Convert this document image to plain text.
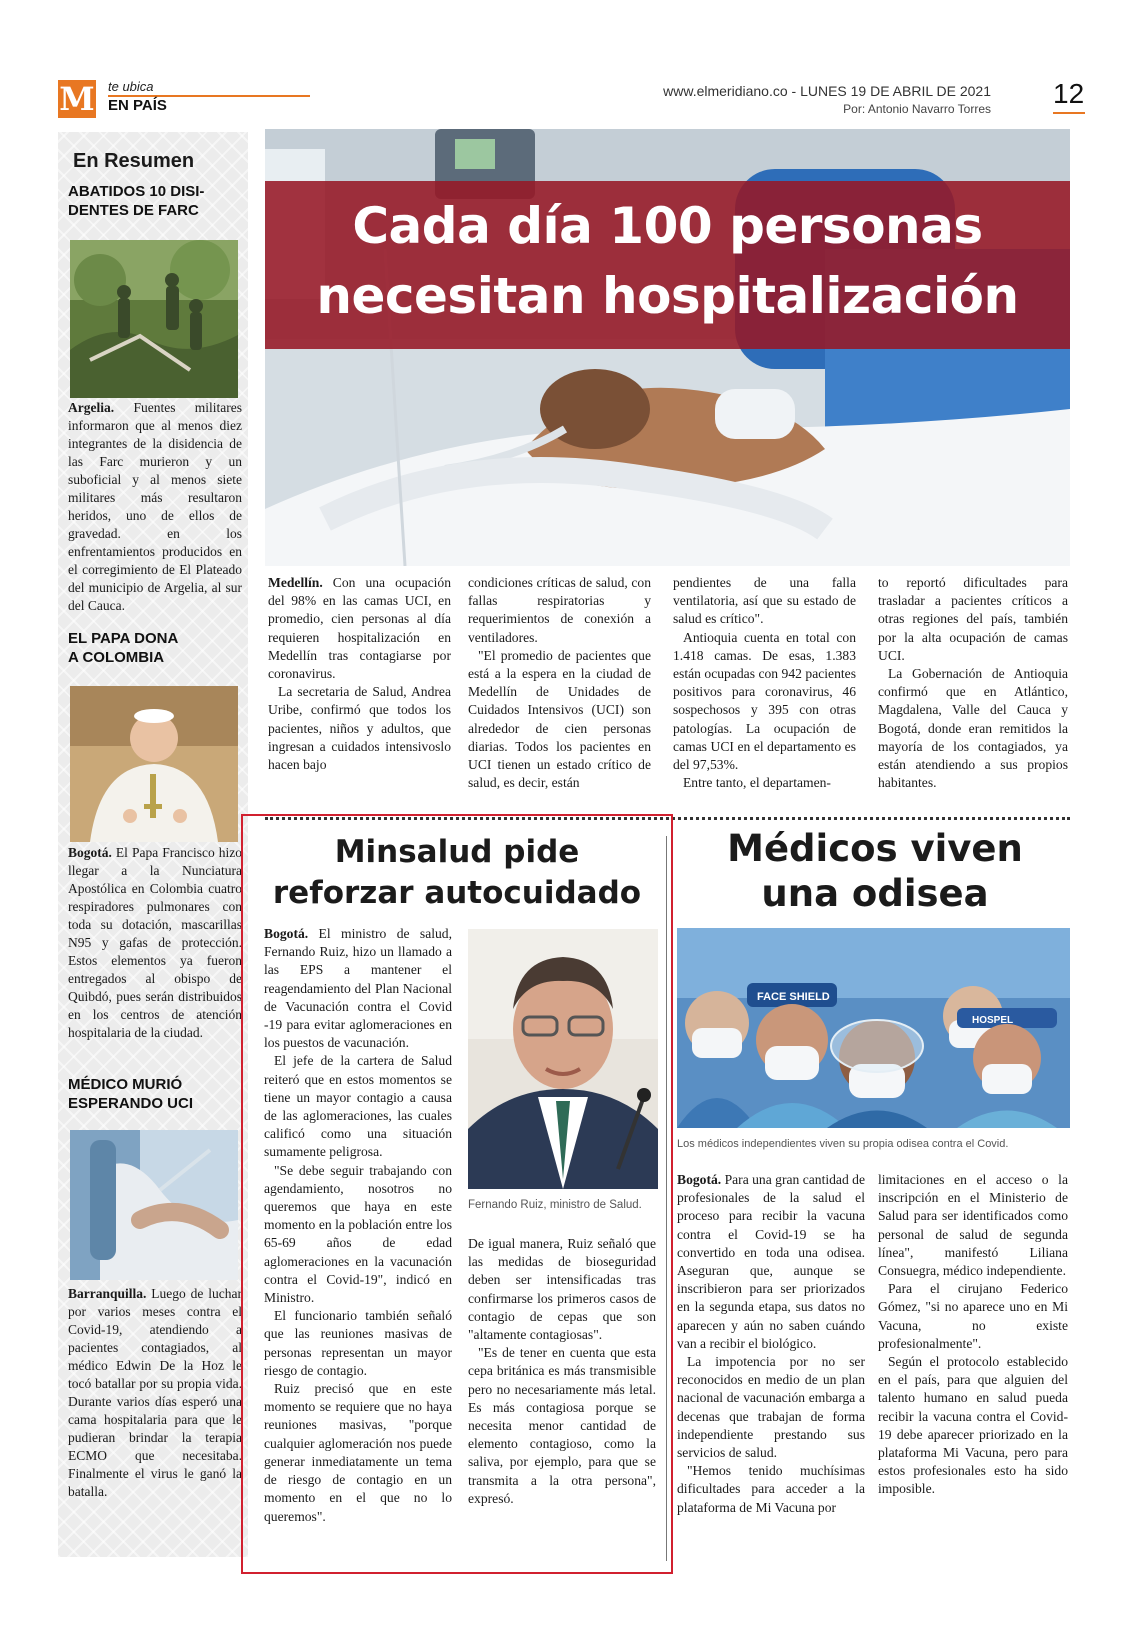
M te ubica
EN PAÍS
www.elmeridiano.co - LUNES 19 DE ABRIL DE 2021
Por: Antonio Navarro Torres 12
En Resumen
ABATIDOS 10 DISI-
DENTES DE FARC
Argelia. Fuentes militares informaron que al menos diez integrantes de la disidencia de las Farc murieron y un suboficial y al menos siete militares más resultaron heridos, uno de ellos de gravedad. en los enfrentamientos producidos en el corregimiento de El Plateado del municipio de Argelia, al sur del Cauca.
EL PAPA DONA
A COLOMBIA
Bogotá. El Papa Francisco hizo llegar a la Nunciatura Apostólica en Colombia cuatro respiradores pulmonares con toda su dotación, mascarillas N95 y gafas de protección. Estos elementos ya fueron entregados al obispo de Quibdó, pues serán distribuidos en los centros de atención hospitalaria de la ciudad.
MÉDICO MURIÓ
ESPERANDO UCI
Barranquilla. Luego de luchar por varios meses contra el Covid-19, atendiendo a pacientes contagiados, al médico Edwin De la Hoz le tocó batallar por su propia vida. Durante varios días esperó una cama hospitalaria para que le pudieran brindar la terapia ECMO que necesitaba. Finalmente el virus le ganó la batalla.
Cada día 100 personas necesitan hospitalización

Medellín. Con una ocupación del 98% en las camas UCI, en promedio, cien personas al día requieren hospitalización en Medellín tras contagiarse por coronavirus.

La secretaria de Salud, Andrea Uribe, confirmó que todos los pacientes, niños y adultos, que ingresan a cuidados intensivoslo hacen bajo

condiciones críticas de salud, con fallas respiratorias y requerimientos de conexión a ventiladores.

"El promedio de pacientes que está a la espera en la ciudad de Medellín de Unidades de Cuidados Intensivos (UCI) son alrededor de cien personas diarias. Todos los pacientes en UCI tienen un estado crítico de salud, es decir, están

pendientes de una falla ventilatoria, así que su estado de salud es crítico".

Antioquia cuenta en total con 1.418 camas. De esas, 1.383 están ocupadas con 942 pacientes positivos para coronavirus, 46 sospechosos y 395 con otras patologías. La ocupación de camas UCI en el departamento es del 97,53%.

Entre tanto, el departamen-

to reportó dificultades para trasladar a pacientes críticos a otras regiones del país, también por la alta ocupación de camas UCI.

La Gobernación de Antioquia confirmó que en Atlántico, Magdalena, Valle del Cauca y Bogotá, donde eran remitidos la mayoría de los contagiados, ya están atendiendo a sus propios habitantes.

Minsalud pide
reforzar autocuidado

Bogotá. El ministro de salud, Fernando Ruiz, hizo un llamado a las EPS a mantener el reagendamiento del Plan Nacional de Vacunación contra el Covid -19 para evitar aglomeraciones en los puestos de vacunación.

El jefe de la cartera de Salud reiteró que en estos momentos se tiene un mayor contagio a causa de las aglomeraciones, las cuales calificó como una situación sumamente peligrosa.

"Se debe seguir trabajando con agendamiento, nosotros no queremos que haya en este momento en la población entre los 65-69 años de edad aglomeraciones en la vacunación contra el Covid-19", indicó en Ministro.

El funcionario también señaló que las reuniones masivas de personas representan un mayor riesgo de contagio.

Ruiz precisó que en este momento se requiere que no haya reuniones masivas, "porque cualquier aglomeración nos puede generar inmediatamente un tema de riesgo de contagio en un momento en el que no lo queremos".

Fernando Ruiz, ministro de Salud.

De igual manera, Ruiz señaló que las medidas de bioseguridad deben ser intensificadas tras confirmarse los primeros casos de contagio de cepas que son "altamente contagiosas".

"Es de tener en cuenta que esta cepa británica es más transmisible pero no necesariamente más letal. Es más contagiosa porque se necesita menor cantidad de elemento contagioso, como la saliva, por ejemplo, para que se transmita a la otra persona", expresó.

Médicos viven
una odisea
FACE SHIELD
HOSPEL
Los médicos independientes viven su propia odisea contra el Covid.

Bogotá. Para una gran cantidad de profesionales de la salud el proceso para recibir la vacuna contra el Covid-19 se ha convertido en toda una odisea. Aseguran que, aunque se inscribieron para ser priorizados en la segunda etapa, sus datos no aparecen y aún no saben cuándo van a recibir el biológico.

La impotencia por no ser reconocidos en medio de un plan nacional de vacunación embarga a decenas que trabajan de forma independiente prestando sus servicios de salud.

"Hemos tenido muchísimas dificultades para acceder a la plataforma de Mi Vacuna por

limitaciones en el acceso o la inscripción en el Ministerio de Salud para ser identificados como personal de salud de segunda línea", manifestó Liliana Consuegra, médico independiente.

Para el cirujano Federico Gómez, "si no aparece uno en Mi Vacuna, no existe profesionalmente".

Según el protocolo establecido en el país, para que alguien del talento humano en salud pueda recibir la vacuna contra el Covid-19 debe aparecer priorizado en la plataforma Mi Vacuna, pero para estos profesionales esto ha sido imposible.
